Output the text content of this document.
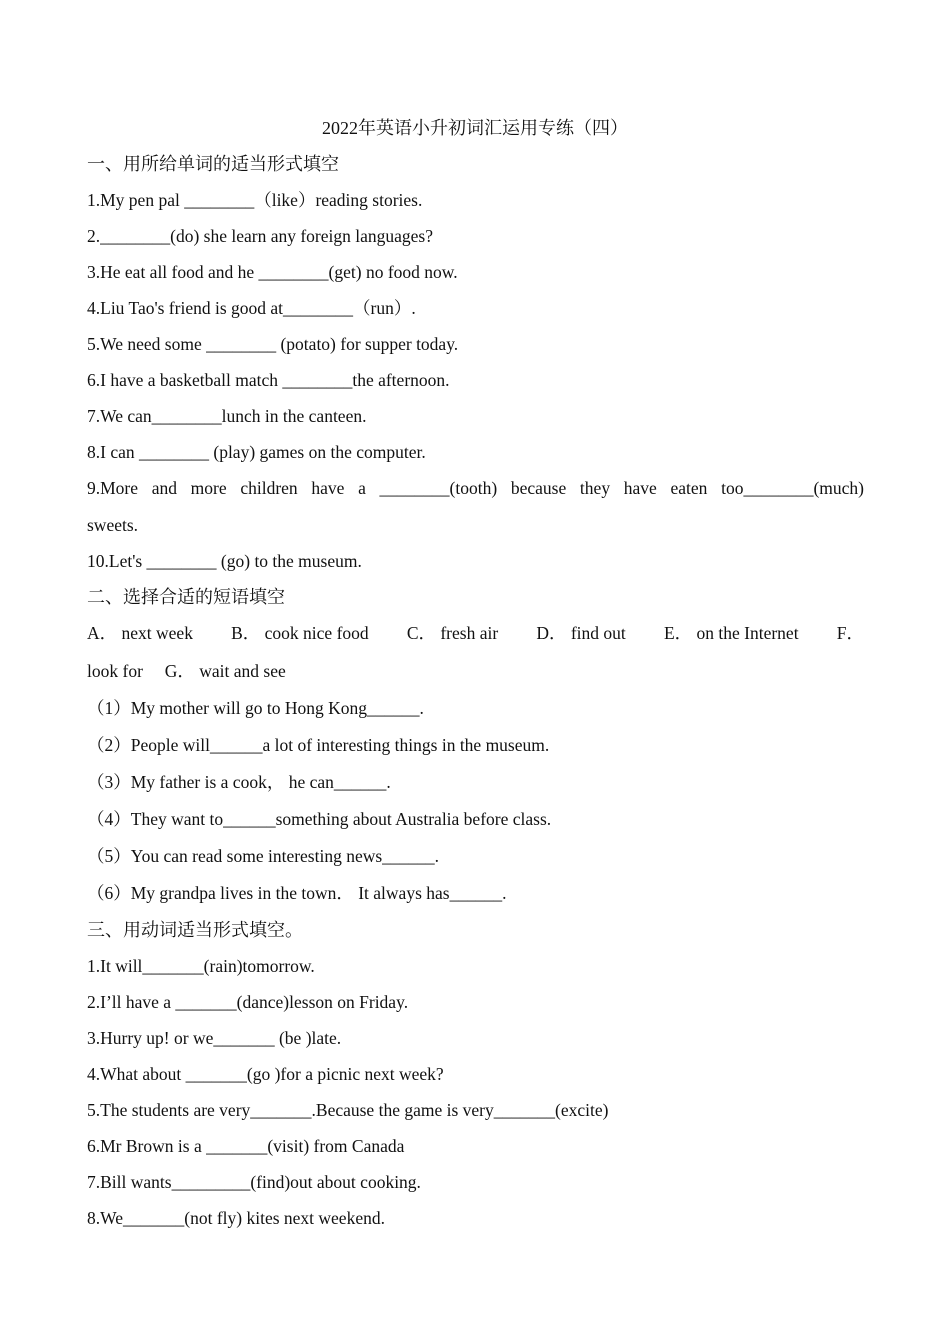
2022年英语小升初词汇运用专练（四）
一、用所给单词的适当形式填空
1.My pen pal ________（like）reading stories.
2.________(do) she learn any foreign languages?
3.He eat all food and he ________(get) no food now.
4.Liu Tao's friend is good at________（run）.
5.We need some ________ (potato) for supper today.
6.I have a basketball match ________the afternoon.
7.We can________lunch in the canteen.
8.I can ________ (play) games on the computer.
9.More and more children have a ________(tooth) because they have eaten too________(much)
sweets.
10.Let's ________ (go) to the museum.
二、选择合适的短语填空
A． next week B． cook nice food C． fresh air D． find out E． on the Internet F．
look for　 G． wait and see
（1）My mother will go to Hong Kong______.
（2）People will______a lot of interesting things in the museum.
（3）My father is a cook， he can______.
（4）They want to______something about Australia before class.
（5）You can read some interesting news______.
（6）My grandpa lives in the town． It always has______.
三、用动词适当形式填空。
1.It will_______(rain)tomorrow.
2.I’ll have a _______(dance)lesson on Friday.
3.Hurry up! or we_______ (be )late.
4.What about _______(go )for a picnic next week?
5.The students are very_______.Because the game is very_______(excite)
6.Mr Brown is a _______(visit) from Canada
7.Bill wants_________(find)out about cooking.
8.We_______(not fly) kites next weekend.
